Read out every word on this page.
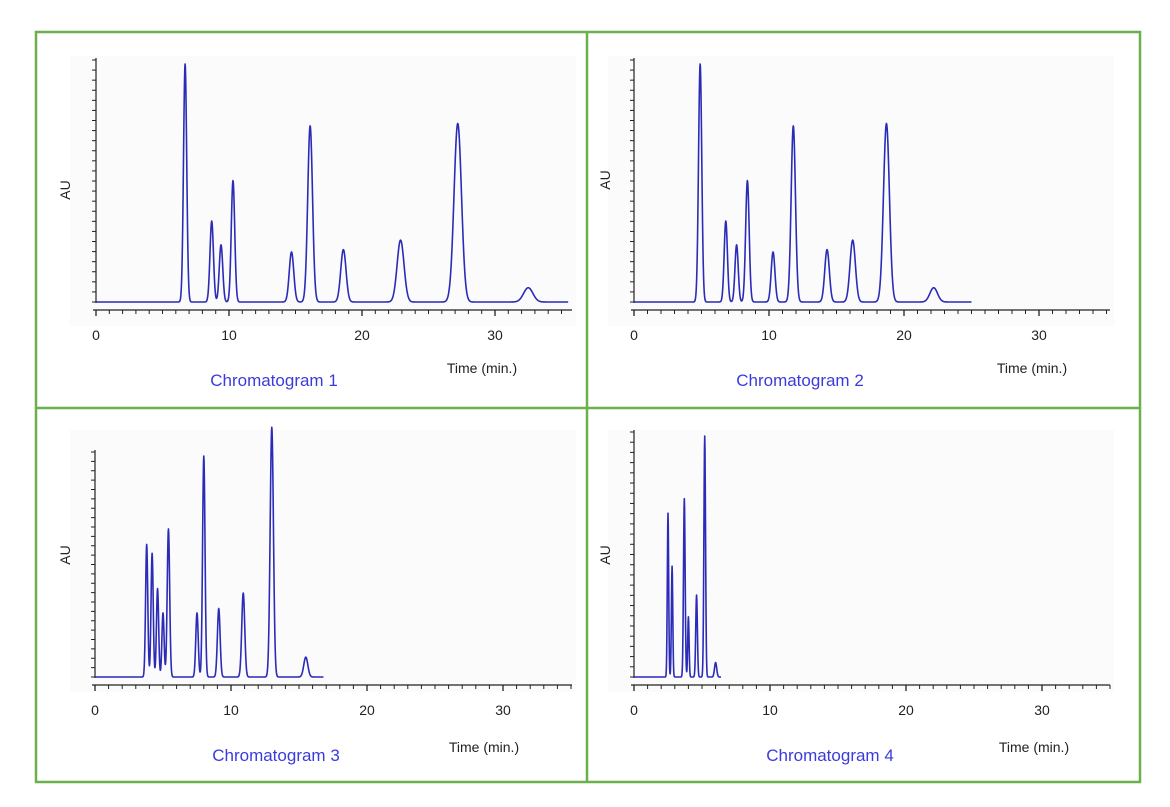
0	10	20	30
AU
Time (min.)
Chromatogram 1
0	10	20	30
AU
Time (min.)
Chromatogram 2
0	10	20	30
AU
Time (min.)
Chromatogram 3
0	10	20	30
AU
Time (min.)
Chromatogram 4
